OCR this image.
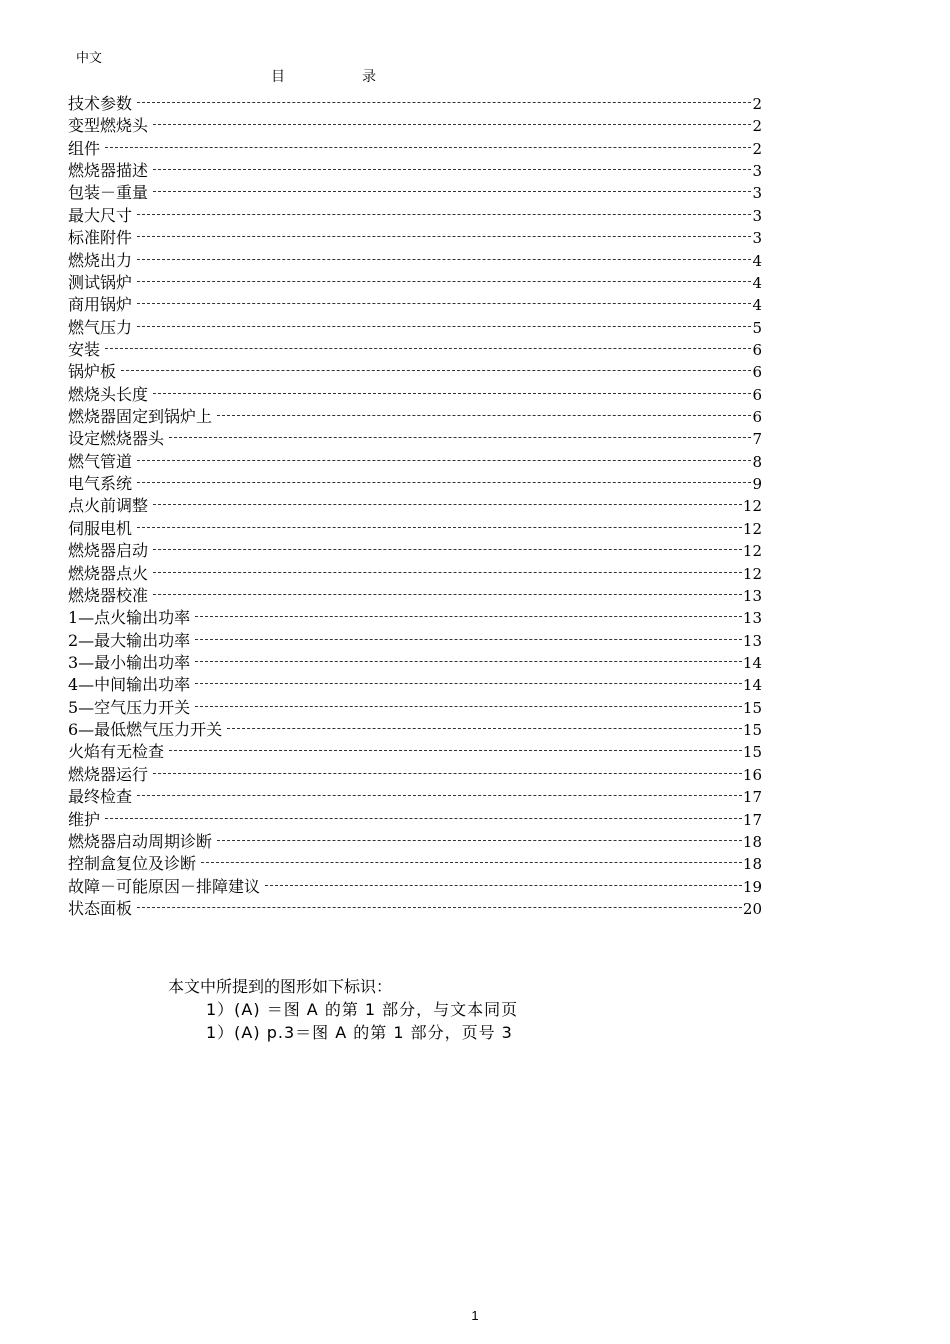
中文
目	录
技术参数	2
变型燃烧头	2
组件	2
燃烧器描述	3
包装－重量	3
最大尺寸	3
标准附件	3
燃烧出力	4
测试锅炉	4
商用锅炉	4
燃气压力	5
安装	6
锅炉板	6
燃烧头长度	6
燃烧器固定到锅炉上	6
设定燃烧器头	7
燃气管道	8
电气系统	9
点火前调整	12
伺服电机	12
燃烧器启动	12
燃烧器点火	12
燃烧器校准	13
1—点火输出功率	13
2—最大输出功率	13
3—最小输出功率	14
4—中间输出功率	14
5—空气压力开关	15
6—最低燃气压力开关	15
火焰有无检查	15
燃烧器运行	16
最终检查	17
维护	17
燃烧器启动周期诊断	18
控制盒复位及诊断	18
故障－可能原因－排障建议	19
状态面板	20
本文中所提到的图形如下标识：
1）(A) ＝图 A 的第 1 部分，与文本同页
1）(A) p.3＝图 A 的第 1 部分，页号 3
1
